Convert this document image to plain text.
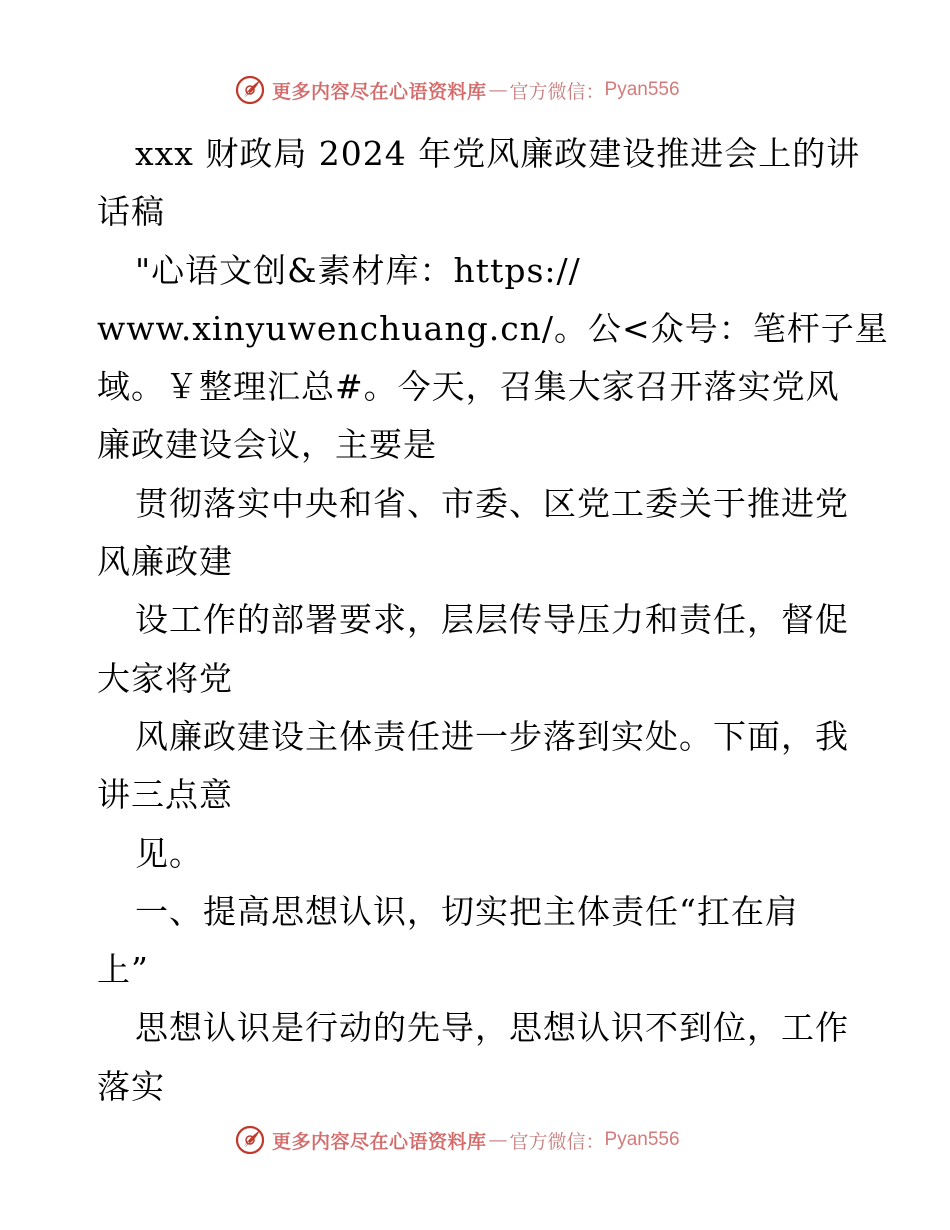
更多内容尽在心语资料库 — 官方微信： Pyan556
xxx 财政局 2024 年党风廉政建设推进会上的讲
话稿
"心语文创&素材库：https://
www.xinyuwenchuang.cn/。公<众号：笔杆子星
域。￥整理汇总#。今天，召集大家召开落实党风
廉政建设会议，主要是
贯彻落实中央和省、市委、区党工委关于推进党
风廉政建
设工作的部署要求，层层传导压力和责任，督促
大家将党
风廉政建设主体责任进一步落到实处。下面，我
讲三点意
见。
一、提高思想认识，切实把主体责任“扛在肩
上”
思想认识是行动的先导，思想认识不到位，工作
落实
更多内容尽在心语资料库 — 官方微信： Pyan556
